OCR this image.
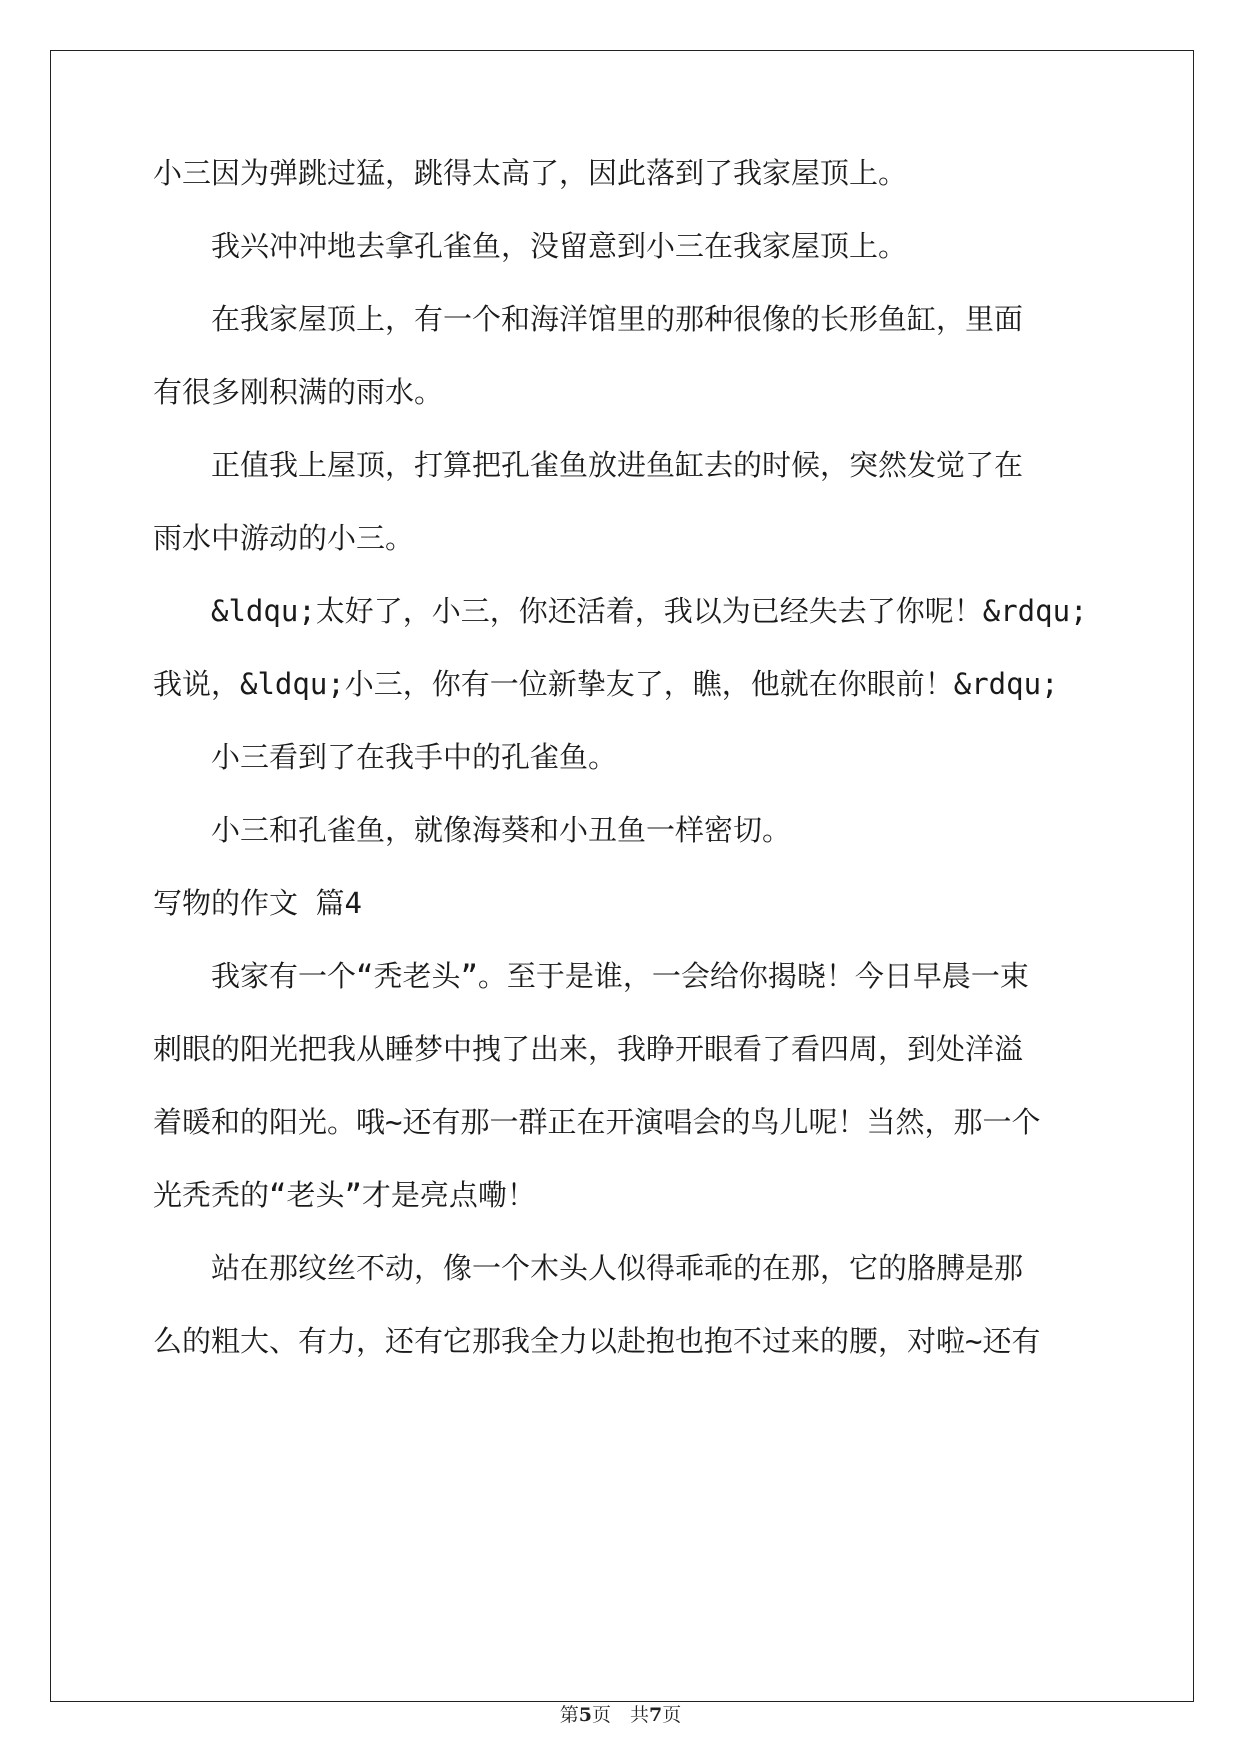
小三因为弹跳过猛，跳得太高了，因此落到了我家屋顶上。
　　我兴冲冲地去拿孔雀鱼，没留意到小三在我家屋顶上。
　　在我家屋顶上，有一个和海洋馆里的那种很像的长形鱼缸，里面
有很多刚积满的雨水。
　　正值我上屋顶，打算把孔雀鱼放进鱼缸去的时候，突然发觉了在
雨水中游动的小三。
　　&ldqu;太好了，小三，你还活着，我以为已经失去了你呢！&rdqu;
我说，&ldqu;小三，你有一位新挚友了，瞧，他就在你眼前！&rdqu;
　　小三看到了在我手中的孔雀鱼。
　　小三和孔雀鱼，就像海葵和小丑鱼一样密切。
写物的作文 篇4
　　我家有一个“秃老头”。至于是谁，一会给你揭晓！今日早晨一束
刺眼的阳光把我从睡梦中拽了出来，我睁开眼看了看四周，到处洋溢
着暖和的阳光。哦~还有那一群正在开演唱会的鸟儿呢！当然，那一个
光秃秃的“老头”才是亮点嘞！
　　站在那纹丝不动，像一个木头人似得乖乖的在那，它的胳膊是那
么的粗大、有力，还有它那我全力以赴抱也抱不过来的腰，对啦~还有
第5页　共7页
